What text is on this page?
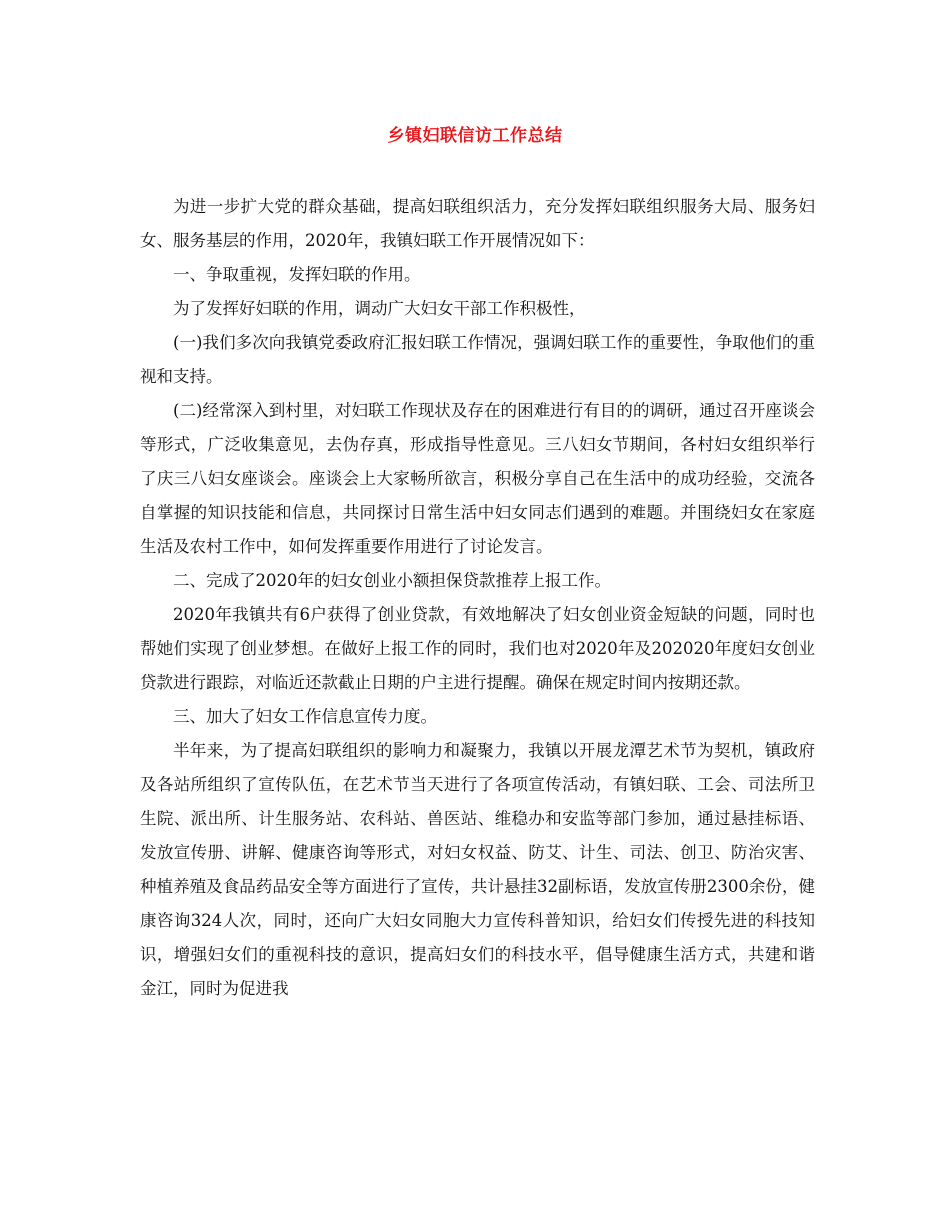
乡镇妇联信访工作总结

为进一步扩大党的群众基础，提高妇联组织活力，充分发挥妇联组织服务大局、服务妇女、服务基层的作用，2020年，我镇妇联工作开展情况如下：

一、争取重视，发挥妇联的作用。

为了发挥好妇联的作用，调动广大妇女干部工作积极性，

(一)我们多次向我镇党委政府汇报妇联工作情况，强调妇联工作的重要性，争取他们的重视和支持。

(二)经常深入到村里，对妇联工作现状及存在的困难进行有目的的调研，通过召开座谈会等形式，广泛收集意见，去伪存真，形成指导性意见。三八妇女节期间，各村妇女组织举行了庆三八妇女座谈会。座谈会上大家畅所欲言，积极分享自己在生活中的成功经验，交流各自掌握的知识技能和信息，共同探讨日常生活中妇女同志们遇到的难题。并围绕妇女在家庭生活及农村工作中，如何发挥重要作用进行了讨论发言。

二、完成了2020年的妇女创业小额担保贷款推荐上报工作。

2020年我镇共有6户获得了创业贷款，有效地解决了妇女创业资金短缺的问题，同时也帮她们实现了创业梦想。在做好上报工作的同时，我们也对2020年及202020年度妇女创业贷款进行跟踪，对临近还款截止日期的户主进行提醒。确保在规定时间内按期还款。

三、加大了妇女工作信息宣传力度。

半年来，为了提高妇联组织的影响力和凝聚力，我镇以开展龙潭艺术节为契机，镇政府及各站所组织了宣传队伍，在艺术节当天进行了各项宣传活动，有镇妇联、工会、司法所卫生院、派出所、计生服务站、农科站、兽医站、维稳办和安监等部门参加，通过悬挂标语、发放宣传册、讲解、健康咨询等形式，对妇女权益、防艾、计生、司法、创卫、防治灾害、种植养殖及食品药品安全等方面进行了宣传，共计悬挂32副标语，发放宣传册2300余份，健康咨询324人次，同时，还向广大妇女同胞大力宣传科普知识，给妇女们传授先进的科技知识，增强妇女们的重视科技的意识，提高妇女们的科技水平，倡导健康生活方式，共建和谐金江，同时为促进我
